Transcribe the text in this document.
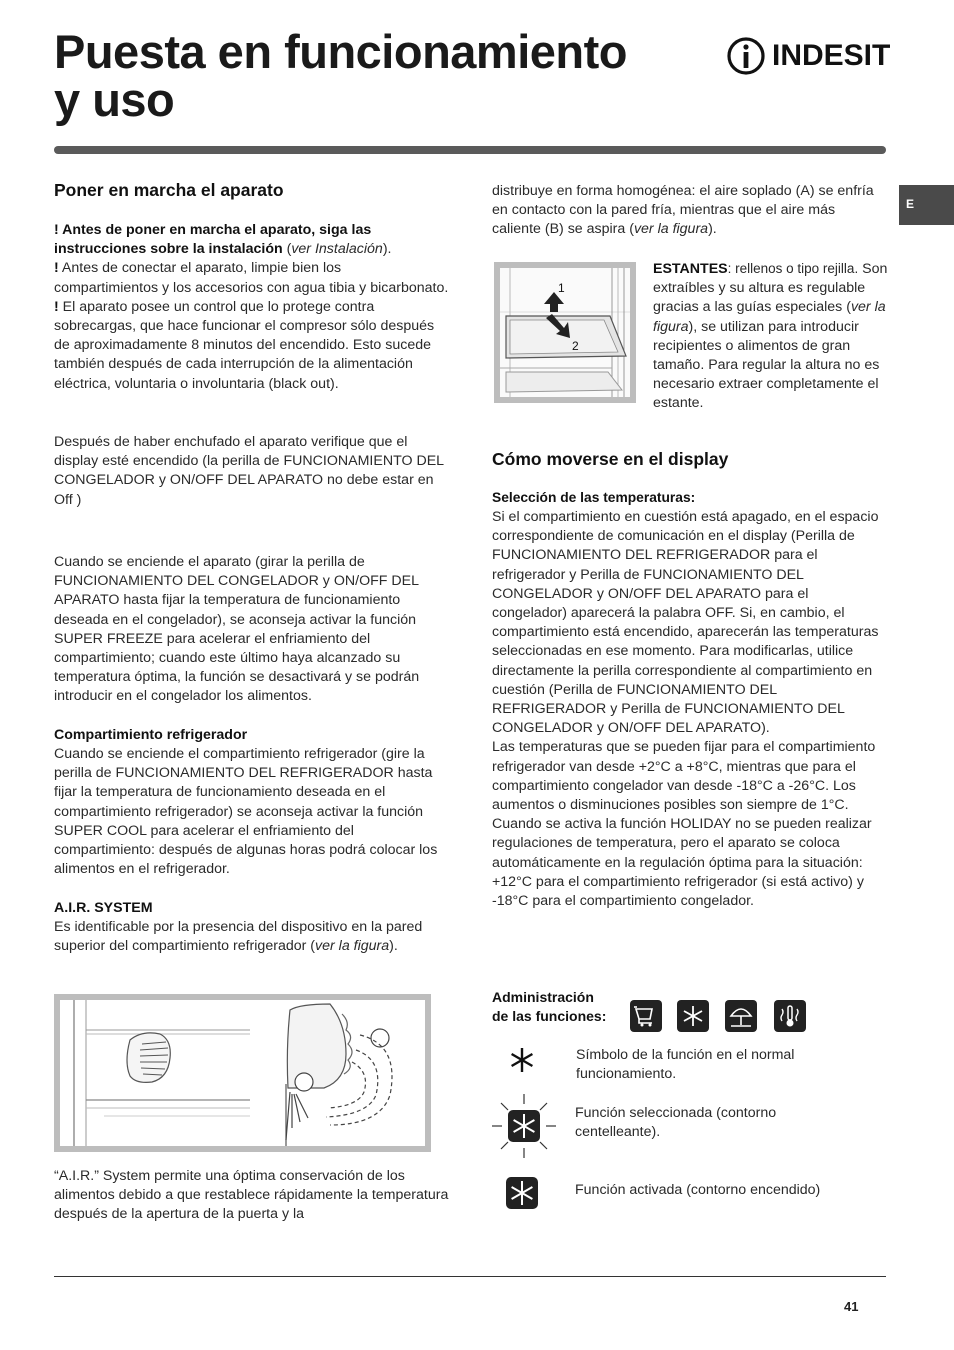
Puesta en funcionamiento
y uso
INDESIT
E
Poner en marcha el aparato

! Antes de poner en marcha el aparato, siga las instrucciones sobre la instalación (ver Instalación).

! Antes de conectar el aparato, limpie bien los compartimientos y los accesorios con agua tibia y bicarbonato.

! El aparato posee un control que lo protege contra sobrecargas, que hace funcionar el compresor sólo después de aproximadamente 8 minutos del encendido. Esto sucede también después de cada interrupción de la alimentación eléctrica, voluntaria o involuntaria (black out).

Después de haber enchufado el aparato verifique que el display esté encendido (la perilla de FUNCIONAMIENTO DEL CONGELADOR y ON/OFF DEL APARATO no debe estar en Off )
Cuando se enciende el aparato (girar la perilla de FUNCIONAMIENTO DEL CONGELADOR y ON/OFF DEL APARATO hasta fijar la temperatura de funcionamiento deseada en el congelador), se aconseja activar la función SUPER FREEZE para acelerar el enfriamiento del compartimiento; cuando este último haya alcanzado su temperatura óptima, la función se desactivará y se podrán introducir en el congelador los alimentos.
Compartimiento refrigerador
Cuando se enciende el compartimiento refrigerador (gire la perilla de FUNCIONAMIENTO DEL REFRIGERADOR hasta fijar la temperatura de funcionamiento deseada en el compartimiento refrigerador) se aconseja activar la función SUPER COOL para acelerar el enfriamiento del compartimiento: después de algunas horas podrá colocar los alimentos en el refrigerador.
A.I.R. SYSTEM
Es identificable por la presencia del dispositivo en la pared superior del compartimiento refrigerador (ver la figura).
“A.I.R.” System permite una óptima conservación de los alimentos debido a que restablece rápidamente la temperatura después de la apertura de la puerta y la
distribuye en forma homogénea: el aire soplado (A) se enfría en contacto con la pared fría, mientras que el aire más caliente (B) se aspira (ver la figura).
1
2
ESTANTES: rellenos o tipo rejilla. Son extraíbles y su altura es regulable gracias a las guías especiales (ver la figura), se utilizan para introducir recipientes o alimentos de gran tamaño. Para regular la altura no es necesario extraer completamente el estante.
Cómo moverse en el display
Selección de las temperaturas:

Si el compartimiento en cuestión está apagado, en el espacio correspondiente de comunicación en el display (Perilla de FUNCIONAMIENTO DEL REFRIGERADOR para el refrigerador y Perilla de FUNCIONAMIENTO DEL CONGELADOR y ON/OFF DEL APARATO para el congelador) aparecerá la palabra OFF. Si, en cambio, el compartimiento está encendido, aparecerán las temperaturas seleccionadas en ese momento. Para modificarlas, utilice directamente la perilla correspondiente al compartimiento en cuestión (Perilla de FUNCIONAMIENTO DEL REFRIGERADOR y Perilla de FUNCIONAMIENTO DEL CONGELADOR y ON/OFF DEL APARATO).

Las temperaturas que se pueden fijar para el compartimiento refrigerador van desde +2°C a +8°C, mientras que para el compartimiento congelador van desde -18°C a -26°C. Los aumentos o disminuciones posibles son siempre de 1°C.

Cuando se activa la función HOLIDAY no se pueden realizar regulaciones de temperatura, pero el aparato se coloca automáticamente en la regulación óptima para la situación: +12°C para el compartimiento refrigerador (si está activo) y -18°C para el compartimiento congelador.

Administración
de las funciones:
Símbolo de la función en el normal funcionamiento.
Función seleccionada (contorno centelleante).
Función activada (contorno encendido)
41
